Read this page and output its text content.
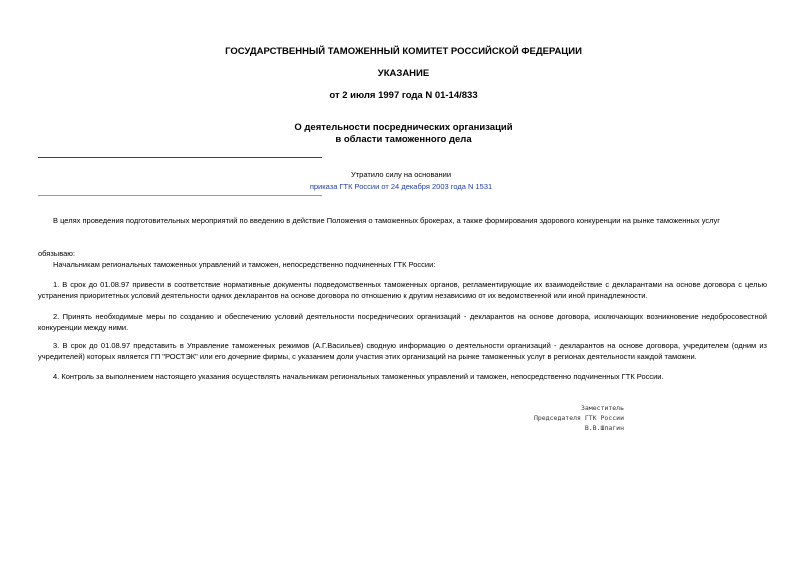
ГОСУДАРСТВЕННЫЙ ТАМОЖЕННЫЙ КОМИТЕТ РОССИЙСКОЙ ФЕДЕРАЦИИ
УКАЗАНИЕ
от 2 июля 1997 года N 01-14/833
О деятельности посреднических организаций
в области таможенного дела
Утратило силу на основании
приказа ГТК России от 24 декабря 2003 года N 1531
В целях проведения подготовительных мероприятий по введению в действие Положения о таможенных брокерах, а также формирования здорового конкуренции на рынке таможенных услуг
обязываю:
Начальникам региональных таможенных управлений и таможен, непосредственно подчиненных ГТК России:
1. В срок до 01.08.97 привести в соответствие нормативные документы подведомственных таможенных органов, регламентирующие их взаимодействие с декларантами на основе договора с целью устранения приоритетных условий деятельности одних декларантов на основе договора по отношению к другим независимо от их ведомственной или иной принадлежности.
2. Принять необходимые меры по созданию и обеспечению условий деятельности посреднических организаций - декларантов на основе договора, исключающих возникновение недобросовестной конкуренции между ними.
3. В срок до 01.08.97 представить в Управление таможенных режимов (А.Г.Васильев) сводную информацию о деятельности организаций - декларантов на основе договора, учредителем (одним из учредителей) которых является ГП "РОСТЭК" или его дочерние фирмы, с указанием доли участия этих организаций на рынке таможенных услуг в регионах деятельности каждой таможни.
4. Контроль за выполнением настоящего указания осуществлять начальникам региональных таможенных управлений и таможен, непосредственно подчиненных ГТК России.
Заместитель
Председателя ГТК России
В.В.Шпагин
